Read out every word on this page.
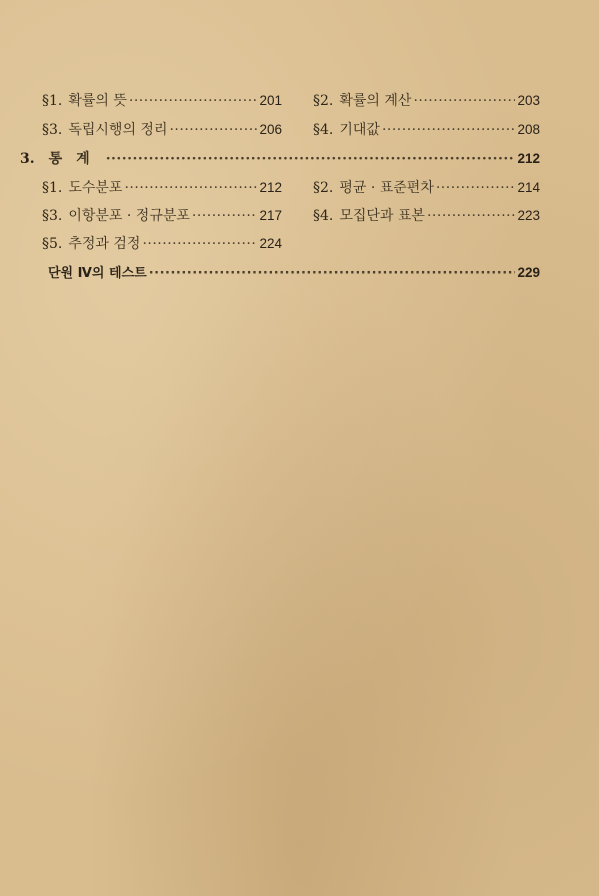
§1. 확률의 뜻 ·····	201 §2. 확률의 계산 ·····	203
§3. 독립시행의 정리 ·····	206 §4. 기대값 ·····	208
3. 통계 ·····	212
§1. 도수분포 ·····	212 §2. 평균 · 표준편차 ·····	214
§3. 이항분포 · 정규분포 ·····	217 §4. 모집단과 표본 ·····	223
§5. 추정과 검정 ·····	224
단원 Ⅳ의 테스트 ·····	229
